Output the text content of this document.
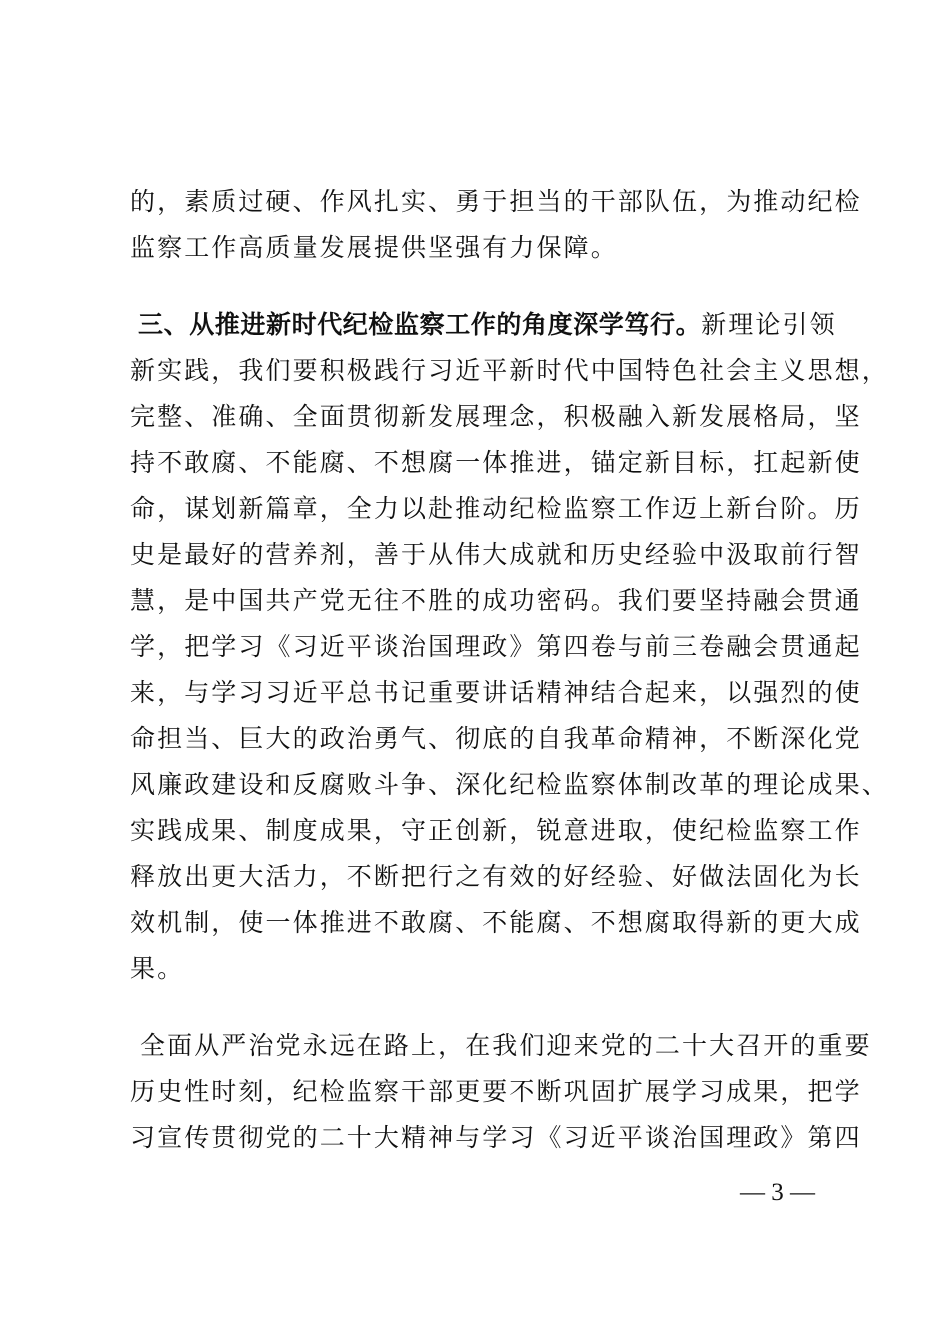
的，素质过硬、作风扎实、勇于担当的干部队伍，为推动纪检
监察工作高质量发展提供坚强有力保障。
三、从推进新时代纪检监察工作的角度深学笃行。新理论引领
新实践，我们要积极践行习近平新时代中国特色社会主义思想，
完整、准确、全面贯彻新发展理念，积极融入新发展格局，坚
持不敢腐、不能腐、不想腐一体推进，锚定新目标，扛起新使
命，谋划新篇章，全力以赴推动纪检监察工作迈上新台阶。历
史是最好的营养剂，善于从伟大成就和历史经验中汲取前行智
慧，是中国共产党无往不胜的成功密码。我们要坚持融会贯通
学，把学习《习近平谈治国理政》第四卷与前三卷融会贯通起
来，与学习习近平总书记重要讲话精神结合起来，以强烈的使
命担当、巨大的政治勇气、彻底的自我革命精神，不断深化党
风廉政建设和反腐败斗争、深化纪检监察体制改革的理论成果、
实践成果、制度成果，守正创新，锐意进取，使纪检监察工作
释放出更大活力，不断把行之有效的好经验、好做法固化为长
效机制，使一体推进不敢腐、不能腐、不想腐取得新的更大成
果。
全面从严治党永远在路上，在我们迎来党的二十大召开的重要
历史性时刻，纪检监察干部更要不断巩固扩展学习成果，把学
习宣传贯彻党的二十大精神与学习《习近平谈治国理政》第四
— 3 —
